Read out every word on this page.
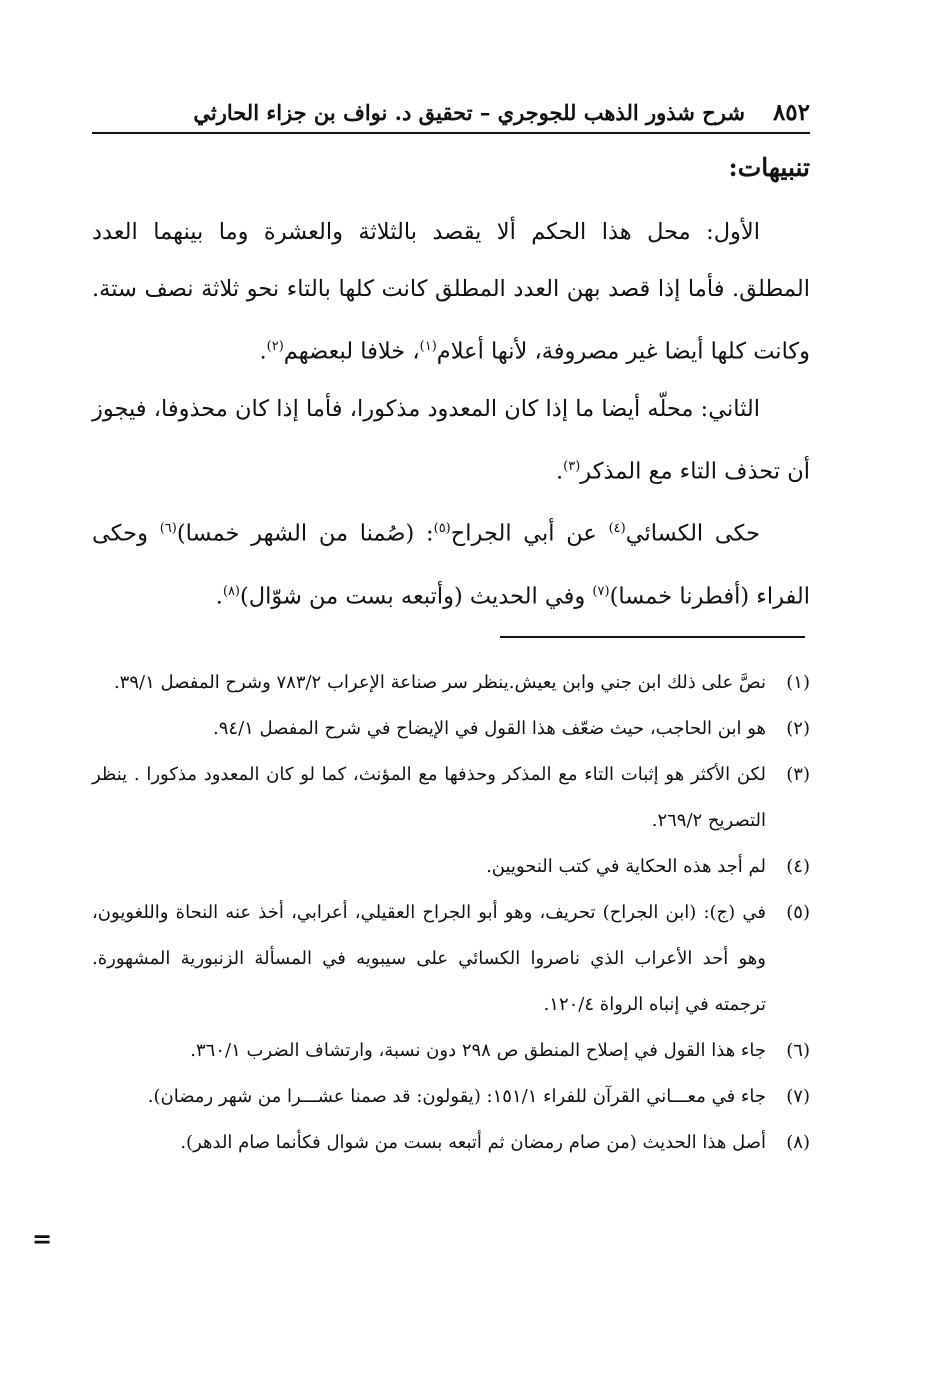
٨٥٢
شرح شذور الذهب للجوجري – تحقيق د. نواف بن جزاء الحارثي
تنبيهات:

الأول: محل هذا الحكم ألا يقصد بالثلاثة والعشرة وما بينهما العدد المطلق. فأما إذا قصد بهن العدد المطلق كانت كلها بالتاء نحو ثلاثة نصف ستة. وكانت كلها أيضا غير مصروفة، لأنها أعلام$^{(١)}$، خلافا لبعضهم$^{(٢)}$.

الثاني: محلّه أيضا ما إذا كان المعدود مذكورا، فأما إذا كان محذوفا، فيجوز أن تحذف التاء مع المذكر$^{(٣)}$.

حكى الكسائي$^{(٤)}$ عن أبي الجراح$^{(٥)}$: (صُمنا من الشهر خمسا)$^{(٦)}$ وحكى الفراء (أفطرنا خمسا)$^{(٧)}$ وفي الحديث (وأتبعه بست من شوّال)$^{(٨)}$.

(١)نصَّ على ذلك ابن جني وابن يعيش.ينظر سر صناعة الإعراب ٧٨٣/٢ وشرح المفصل ٣٩/١.

(٢)هو ابن الحاجب، حيث ضعّف هذا القول في الإيضاح في شرح المفصل ٩٤/١.

(٣)لكن الأكثر هو إثبات التاء مع المذكر وحذفها مع المؤنث، كما لو كان المعدود مذكورا . ينظر التصريح ٢٦٩/٢.

(٤)لم أجد هذه الحكاية في كتب النحويين.

(٥)في (ج): (ابن الجراح) تحريف، وهو أبو الجراح العقيلي، أعرابي، أخذ عنه النحاة واللغويون، وهو أحد الأعراب الذي ناصروا الكسائي على سيبويه في المسألة الزنبورية المشهورة. ترجمته في إنباه الرواة ١٢٠/٤.

(٦)جاء هذا القول في إصلاح المنطق ص ٢٩٨ دون نسبة، وارتشاف الضرب ٣٦٠/١.

(٧)جاء في معـــاني القرآن للفراء ١٥١/١: (يقولون: قد صمنا عشـــرا من شهر رمضان).

(٨)أصل هذا الحديث (من صام رمضان ثم أتبعه بست من شوال فكأنما صام الدهر).

=
